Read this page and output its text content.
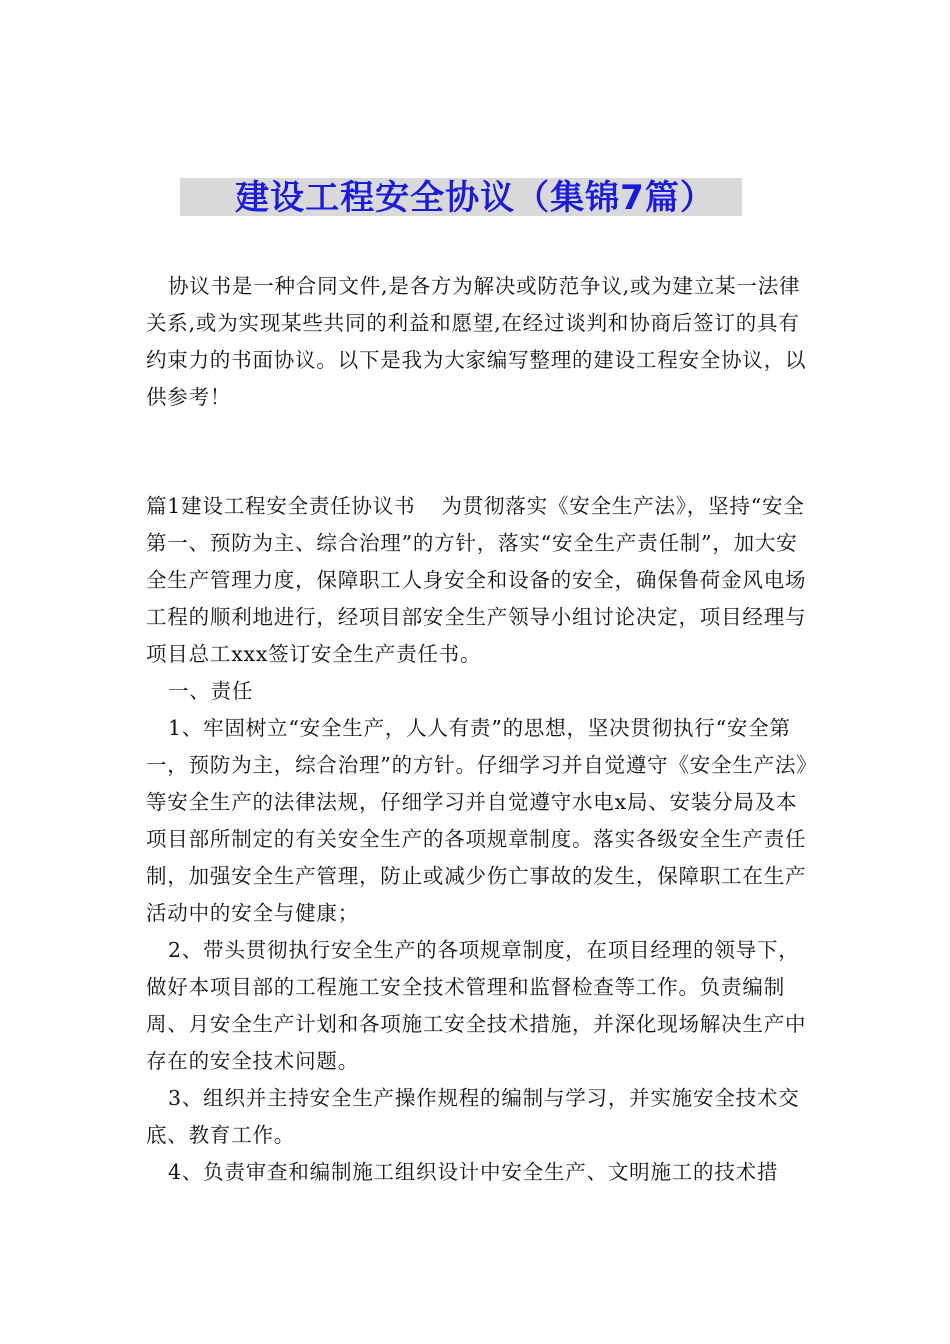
建设工程安全协议（集锦7篇）

协议书是一种合同文件,是各方为解决或防范争议,或为建立某一法律关系,或为实现某些共同的利益和愿望,在经过谈判和协商后签订的具有约束力的书面协议。以下是我为大家编写整理的建设工程安全协议，以供参考！

篇1建设工程安全责任协议书 为贯彻落实《安全生产法》，坚持“安全第一、预防为主、综合治理”的方针，落实“安全生产责任制”，加大安全生产管理力度，保障职工人身安全和设备的安全，确保鲁荷金风电场工程的顺利地进行，经项目部安全生产领导小组讨论决定，项目经理与项目总工xxx签订安全生产责任书。

一、责任

1、牢固树立“安全生产，人人有责”的思想，坚决贯彻执行“安全第一，预防为主，综合治理”的方针。仔细学习并自觉遵守《安全生产法》等安全生产的法律法规，仔细学习并自觉遵守水电x局、安装分局及本项目部所制定的有关安全生产的各项规章制度。落实各级安全生产责任制，加强安全生产管理，防止或减少伤亡事故的发生，保障职工在生产活动中的安全与健康；

2、带头贯彻执行安全生产的各项规章制度，在项目经理的领导下，做好本项目部的工程施工安全技术管理和监督检查等工作。负责编制周、月安全生产计划和各项施工安全技术措施，并深化现场解决生产中存在的安全技术问题。

3、组织并主持安全生产操作规程的编制与学习，并实施安全技术交底、教育工作。

4、负责审查和编制施工组织设计中安全生产、文明施工的技术措
